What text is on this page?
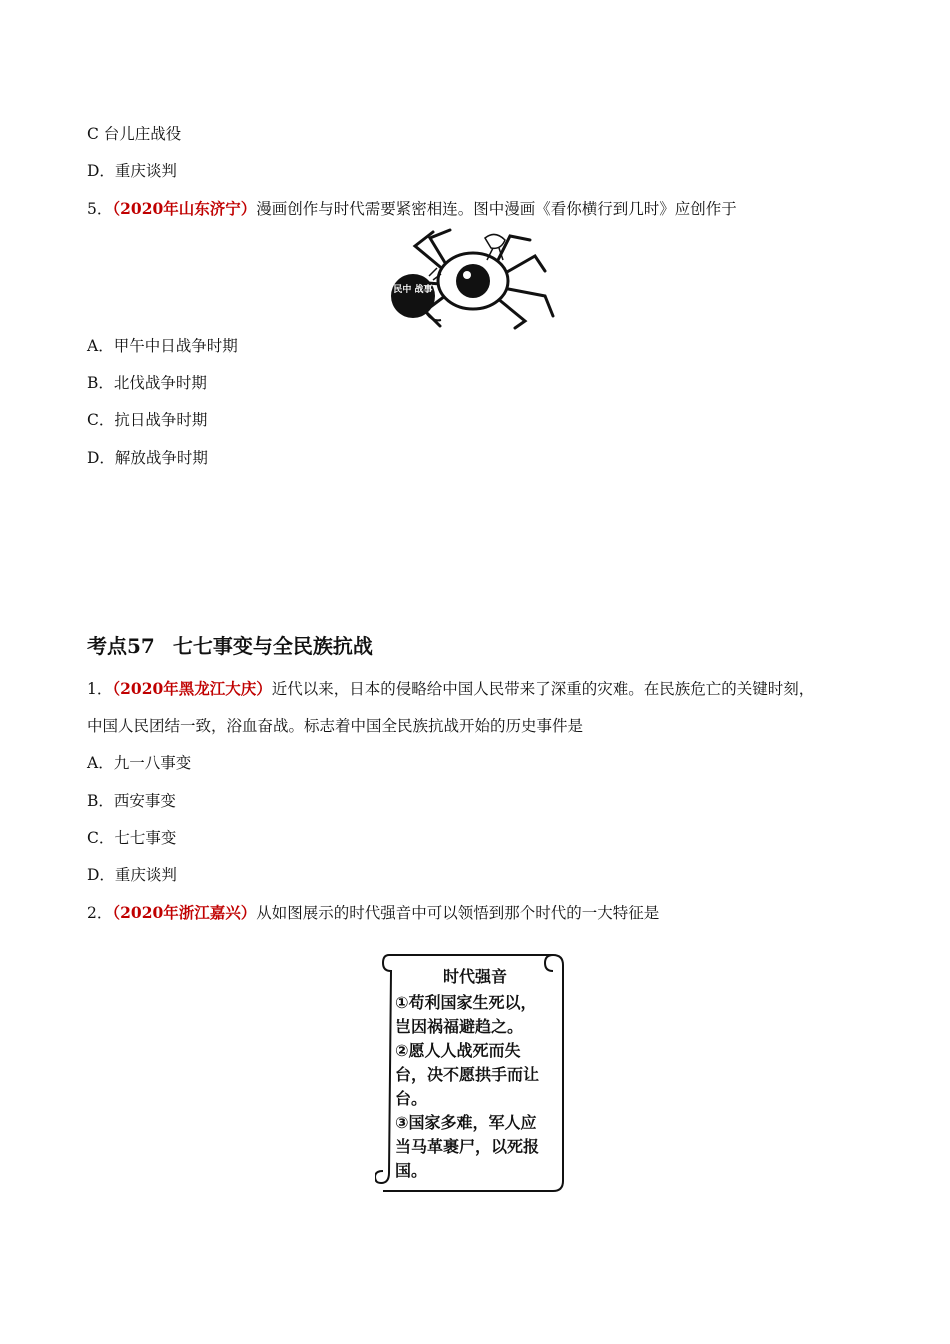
C 台儿庄战役
D．重庆谈判
5．（2020年山东济宁）漫画创作与时代需要紧密相连。图中漫画《看你横行到几时》应创作于
民中 战事
A．甲午中日战争时期
B．北伐战争时期
C．抗日战争时期
D．解放战争时期
考点57 七七事变与全民族抗战
1．（2020年黑龙江大庆）近代以来，日本的侵略给中国人民带来了深重的灾难。在民族危亡的关键时刻，
中国人民团结一致，浴血奋战。标志着中国全民族抗战开始的历史事件是
A．九一八事变
B．西安事变
C．七七事变
D．重庆谈判
2．（2020年浙江嘉兴）从如图展示的时代强音中可以领悟到那个时代的一大特征是
时代强音
①苟利国家生死以，
岂因祸福避趋之。
②愿人人战死而失
台，决不愿拱手而让
台。
③国家多难，军人应
当马革裹尸，以死报
国。
